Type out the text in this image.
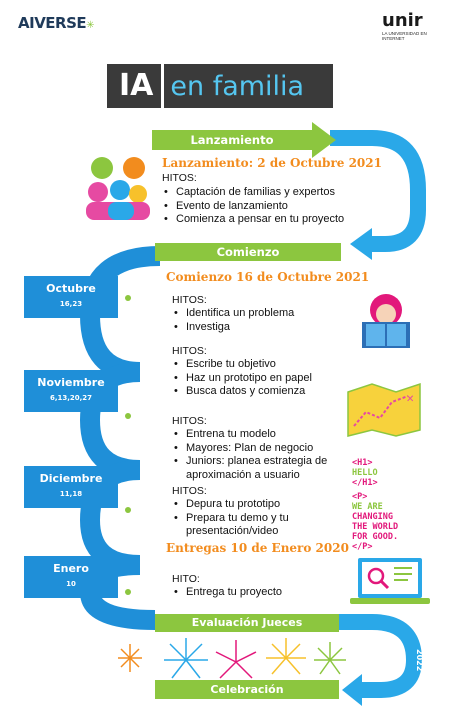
AIVERSE✳	unir
LA UNIVERSIDAD EN INTERNET
IA en familia
Lanzamiento
Comienzo
Evaluación Jueces
Celebración
Lanzamiento: 2 de Octubre 2021
HITOS:
• Captación de familias y expertos
• Evento de lanzamiento
• Comienza a pensar en tu proyecto
Comienzo 16 de Octubre 2021
HITOS:
• Identifica un problema
• Investiga
HITOS:
• Escribe tu objetivo
• Haz un prototipo en papel
• Busca datos y comienza
HITOS:
• Entrena tu modelo
• Mayores: Plan de negocio
• Juniors: planea estrategia de aproximación a usuario
HITOS:
• Depura tu prototipo
• Prepara tu demo y tu presentación/video
Entregas 10 de Enero 2020
HITO:
• Entrega tu proyecto
Octubre
16,23
Noviembre
6,13,20,27
Diciembre
11,18
Enero
10
2022
✕
<H1>
HELLO
</H1>
<P>
WE ARE
CHANGING
THE WORLD
FOR GOOD.
</P>
